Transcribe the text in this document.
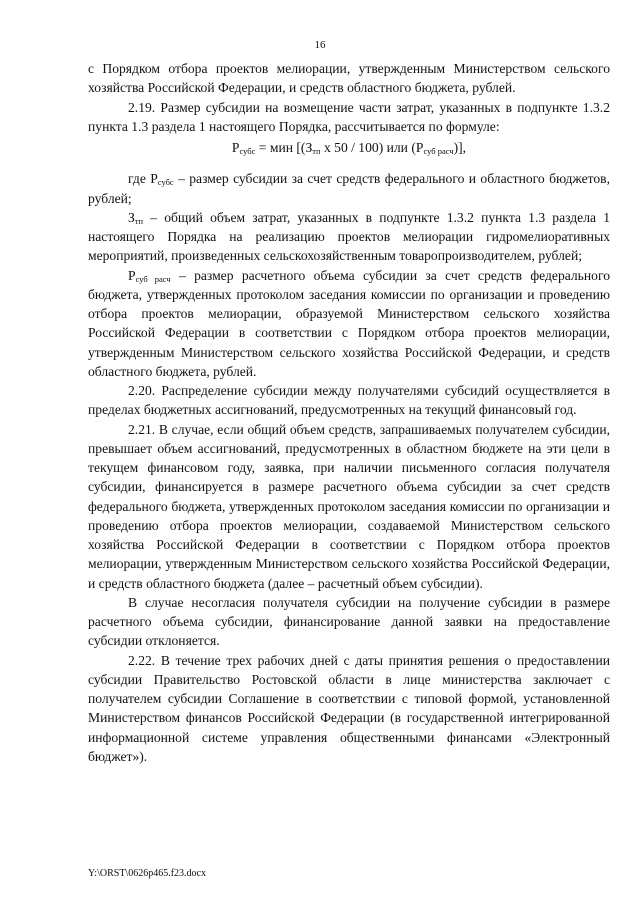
16

с Порядком отбора проектов мелиорации, утвержденным Министерством сельского хозяйства Российской Федерации, и средств областного бюджета, рублей.

2.19. Размер субсидии на возмещение части затрат, указанных в подпункте 1.3.2 пункта 1.3 раздела 1 настоящего Порядка, рассчитывается по формуле:

$Р_{субс}$ = мин [($З_{тп}$ х 50 / 100) или $(Р_{суб расч})$],

где $Р_{субс}$ – размер субсидии за счет средств федерального и областного бюджетов, рублей;

$З_{тп}$ – общий объем затрат, указанных в подпункте 1.3.2 пункта 1.3 раздела 1 настоящего Порядка на реализацию проектов мелиорации гидромелиоративных мероприятий, произведенных сельскохозяйственным товаропроизводителем, рублей;

$Р_{суб расч}$ – размер расчетного объема субсидии за счет средств федерального бюджета, утвержденных протоколом заседания комиссии по организации и проведению отбора проектов мелиорации, образуемой Министерством сельского хозяйства Российской Федерации в соответствии с Порядком отбора проектов мелиорации, утвержденным Министерством сельского хозяйства Российской Федерации, и средств областного бюджета, рублей.

2.20. Распределение субсидии между получателями субсидий осуществляется в пределах бюджетных ассигнований, предусмотренных на текущий финансовый год.

2.21. В случае, если общий объем средств, запрашиваемых получателем субсидии, превышает объем ассигнований, предусмотренных в областном бюджете на эти цели в текущем финансовом году, заявка, при наличии письменного согласия получателя субсидии, финансируется в размере расчетного объема субсидии за счет средств федерального бюджета, утвержденных протоколом заседания комиссии по организации и проведению отбора проектов мелиорации, создаваемой Министерством сельского хозяйства Российской Федерации в соответствии с Порядком отбора проектов мелиорации, утвержденным Министерством сельского хозяйства Российской Федерации, и средств областного бюджета (далее – расчетный объем субсидии).

В случае несогласия получателя субсидии на получение субсидии в размере расчетного объема субсидии, финансирование данной заявки на предоставление субсидии отклоняется.

2.22. В течение трех рабочих дней с даты принятия решения о предоставлении субсидии Правительство Ростовской области в лице министерства заключает с получателем субсидии Соглашение в соответствии с типовой формой, установленной Министерством финансов Российской Федерации (в государственной интегрированной информационной системе управления общественными финансами «Электронный бюджет»).

Y:\ORST\0626p465.f23.docx
